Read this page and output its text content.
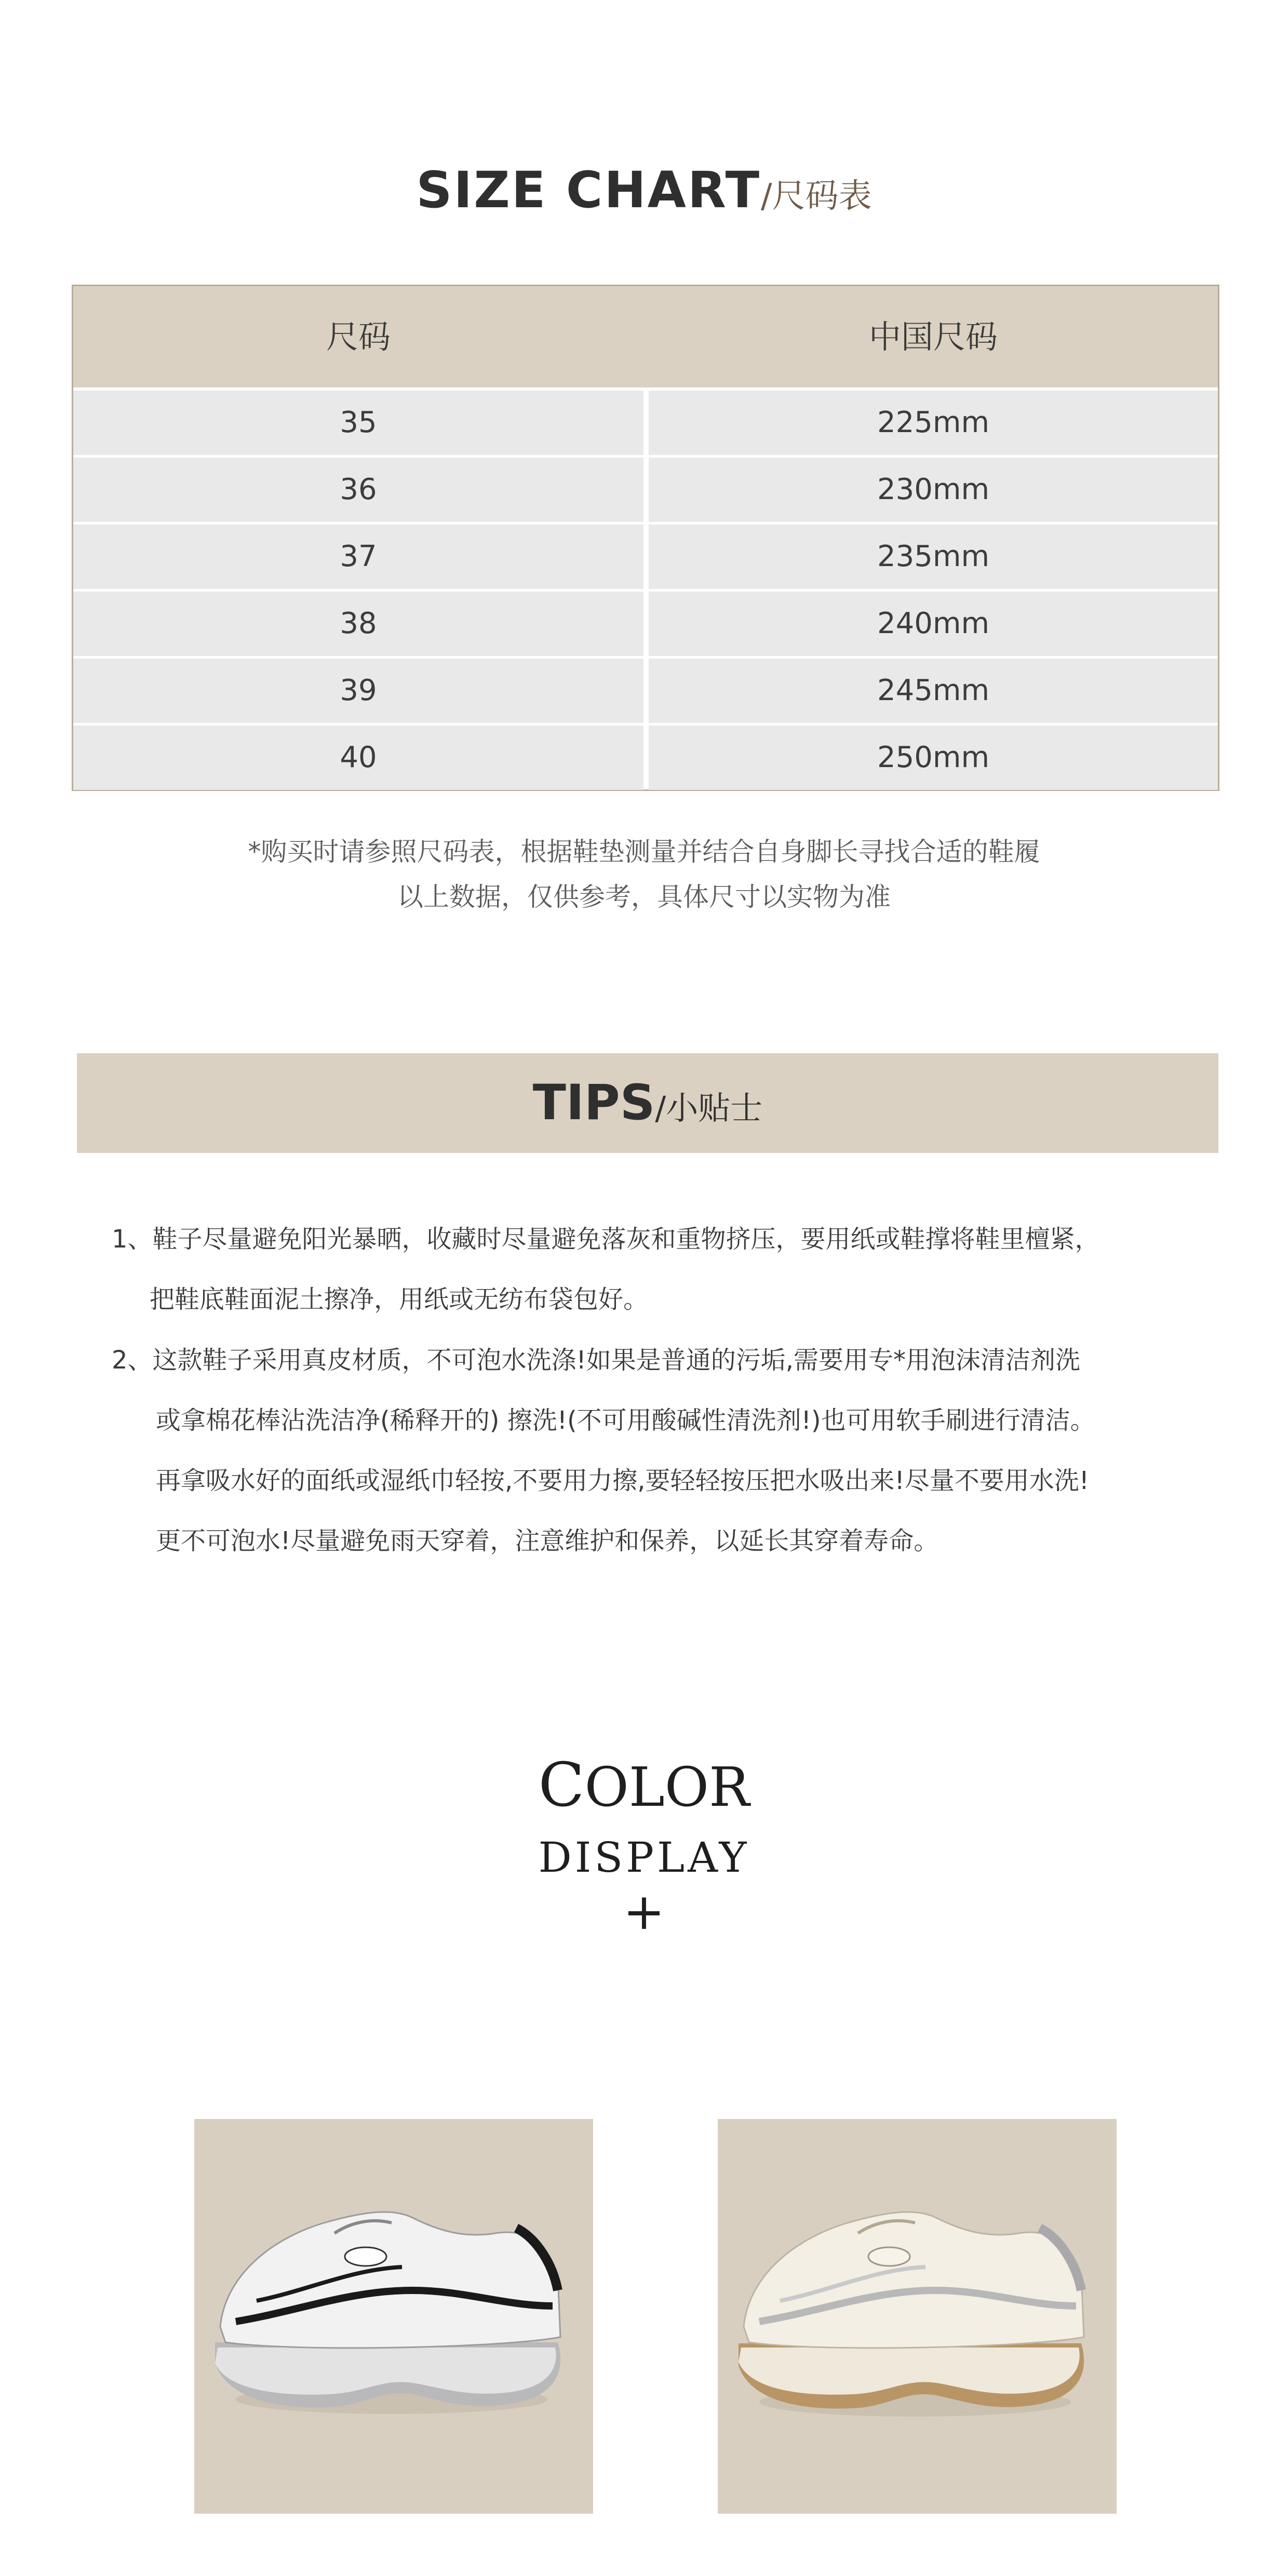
SIZE CHART/尺码表
尺码	中国尺码
35	225mm
36	230mm
37	235mm
38	240mm
39	245mm
40	250mm
*购买时请参照尺码表，根据鞋垫测量并结合自身脚长寻找合适的鞋履
以上数据，仅供参考，具体尺寸以实物为准
TIPS/小贴士
1、鞋子尽量避免阳光暴晒，收藏时尽量避免落灰和重物挤压，要用纸或鞋撑将鞋里檀紧，
把鞋底鞋面泥土擦净，用纸或无纺布袋包好。
2、这款鞋子采用真皮材质，不可泡水洗涤!如果是普通的污垢,需要用专*用泡沫清洁剂洗
或拿棉花棒沾洗洁净(稀释开的) 擦洗!(不可用酸碱性清洗剂!)也可用软手刷进行清洁。
再拿吸水好的面纸或湿纸巾轻按,不要用力擦,要轻轻按压把水吸出来!尽量不要用水洗!
更不可泡水!尽量避免雨天穿着，注意维护和保养，以延长其穿着寿命。
COLOR
DISPLAY
+
